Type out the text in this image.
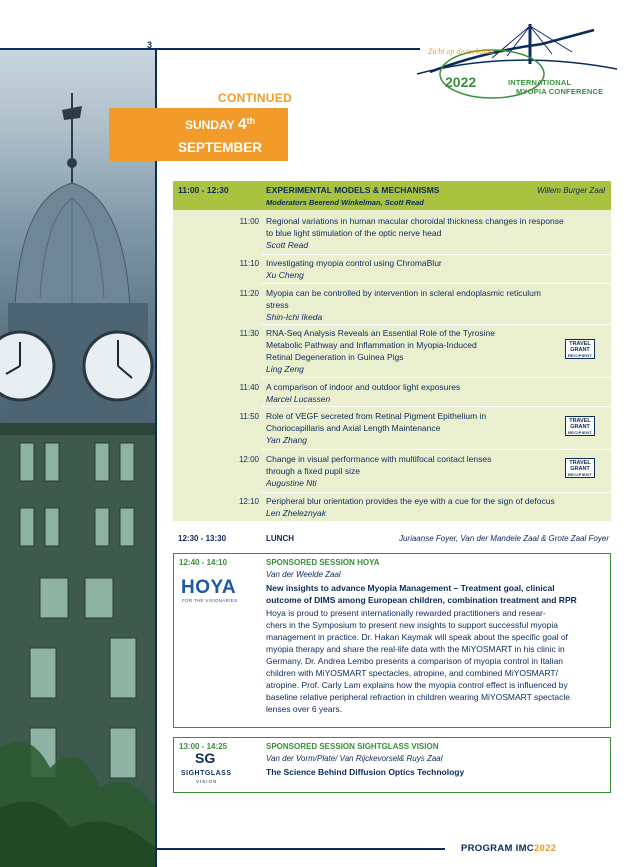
3
Zicht op de toekomst
2022	INTERNATIONAL
MYOPIA CONFERENCE
CONTINUED
SUNDAY 4th
SEPTEMBER
11:00 - 12:30	EXPERIMENTAL MODELS & MECHANISMS	Willem Burger Zaal
Moderators Beerend Winkelman, Scott Read
11:00 Regional variations in human macular choroidal thickness changes in response
to blue light stimulation of the optic nerve head
Scott Read
11:10 Investigating myopia control using ChromaBlur
Xu Cheng
11:20 Myopia can be controlled by intervention in scleral endoplasmic reticulum
stress
Shin-Ichi Ikeda
11:30 RNA-Seq Analysis Reveals an Essential Role of the Tyrosine
Metabolic Pathway and Inflammation in Myopia-Induced
Retinal Degeneration in Guinea Pigs
Ling Zeng
TRAVEL
GRANT
RECIPIENT
11:40 A comparison of indoor and outdoor light exposures
Marcel Lucassen
11:50 Role of VEGF secreted from Retinal Pigment Epithelium in
Choriocapillaris and Axial Length Maintenance
Yan Zhang
TRAVEL
GRANT
RECIPIENT
12:00 Change in visual performance with multifocal contact lenses
through a fixed pupil size
Augustine Nti
TRAVEL
GRANT
RECIPIENT
12:10 Peripheral blur orientation provides the eye with a cue for the sign of defocus
Len Zheleznyak
12:30 - 13:30	LUNCH	Juriaanse Foyer, Van der Mandele Zaal & Grote Zaal Foyer
12:40 - 14:10	SPONSORED SESSION HOYA
Van der Weelde Zaal
New insights to advance Myopia Management – Treatment goal, clinical
outcome of DIMS among European children, combination treatment and RPR
Hoya is proud to present internationally rewarded practitioners and resear-
chers in the Symposium to present new insights to support successful myopia
management in practice. Dr. Hakan Kaymak will speak about the specific goal of
myopia therapy and share the real-life data with the MiYOSMART in his clinic in
Germany. Dr. Andrea Lembo presents a comparison of myopia control in Italian
children with MiYOSMART spectacles, atropine, and combined MiYOSMART/
atropine. Prof. Carly Lam explains how the myopia control effect is influenced by
baseline relative peripheral refraction in children wearing MiYOSMART spectacle
lenses over 6 years.
HOYA
FOR THE VISIONARIES
13:00 - 14:25	SPONSORED SESSION SIGHTGLASS VISION
Van der Vorm/Plate/ Van Rijckevorsel& Ruys Zaal
The Science Behind Diffusion Optics Technology
SG
SIGHTGLASS
VISION
PROGRAM IMC2022
